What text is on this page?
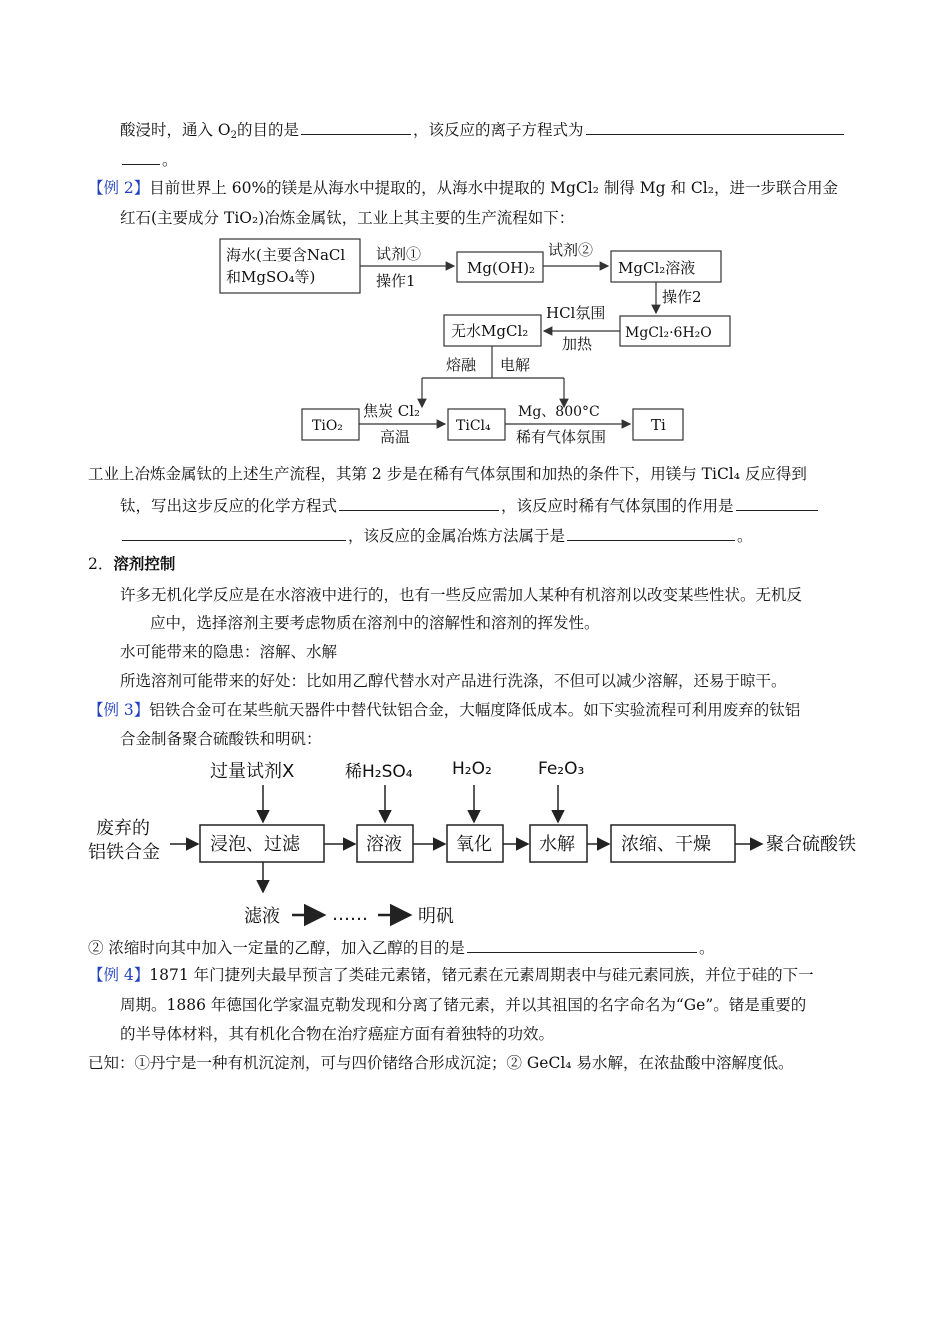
酸浸时，通入 $O_2$的目的是	，该反应的离子方程式为
。
【例 2】目前世界上 60%的镁是从海水中提取的，从海水中提取的 MgCl₂ 制得 Mg 和 Cl₂，进一步联合用金
红石(主要成分 TiO₂)冶炼金属钛，工业上其主要的生产流程如下：
海水(主要含NaCl
和MgSO₄等)
试剂①
操作1
Mg(OH)₂
试剂②
MgCl₂溶液
操作2
MgCl₂·6H₂O
HCl氛围
加热
无水MgCl₂
熔融 电解
TiO₂
焦炭 Cl₂
高温
TiCl₄
Mg、800°C
稀有气体氛围
Ti
工业上冶炼金属钛的上述生产流程，其第 2 步是在稀有气体氛围和加热的条件下，用镁与 TiCl₄ 反应得到
钛，写出这步反应的化学方程式	，该反应时稀有气体氛围的作用是
，该反应的金属冶炼方法属于是	。
2．溶剂控制
许多无机化学反应是在水溶液中进行的，也有一些反应需加人某种有机溶剂以改变某些性状。无机反
应中，选择溶剂主要考虑物质在溶剂中的溶解性和溶剂的挥发性。
水可能带来的隐患：溶解、水解
所选溶剂可能带来的好处：比如用乙醇代替水对产品进行洗涤，不但可以减少溶解，还易于晾干。
【例 3】铝铁合金可在某些航天器件中替代钛铝合金，大幅度降低成本。如下实验流程可利用废弃的钛铝
合金制备聚合硫酸铁和明矾：
过量试剂X	稀H₂SO₄ H₂O₂	Fe₂O₃
废弃的
铝铁合金	浸泡、过滤	溶液	氧化	水解	浓缩、干燥	聚合硫酸铁
滤液	……	明矾
② 浓缩时向其中加入一定量的乙醇，加入乙醇的目的是	。
【例 4】1871 年门捷列夫最早预言了类硅元素锗，锗元素在元素周期表中与硅元素同族，并位于硅的下一
周期。1886 年德国化学家温克勒发现和分离了锗元素，并以其祖国的名字命名为“Ge”。锗是重要的
的半导体材料，其有机化合物在治疗癌症方面有着独特的功效。
已知：①丹宁是一种有机沉淀剂，可与四价锗络合形成沉淀；② GeCl₄ 易水解，在浓盐酸中溶解度低。
